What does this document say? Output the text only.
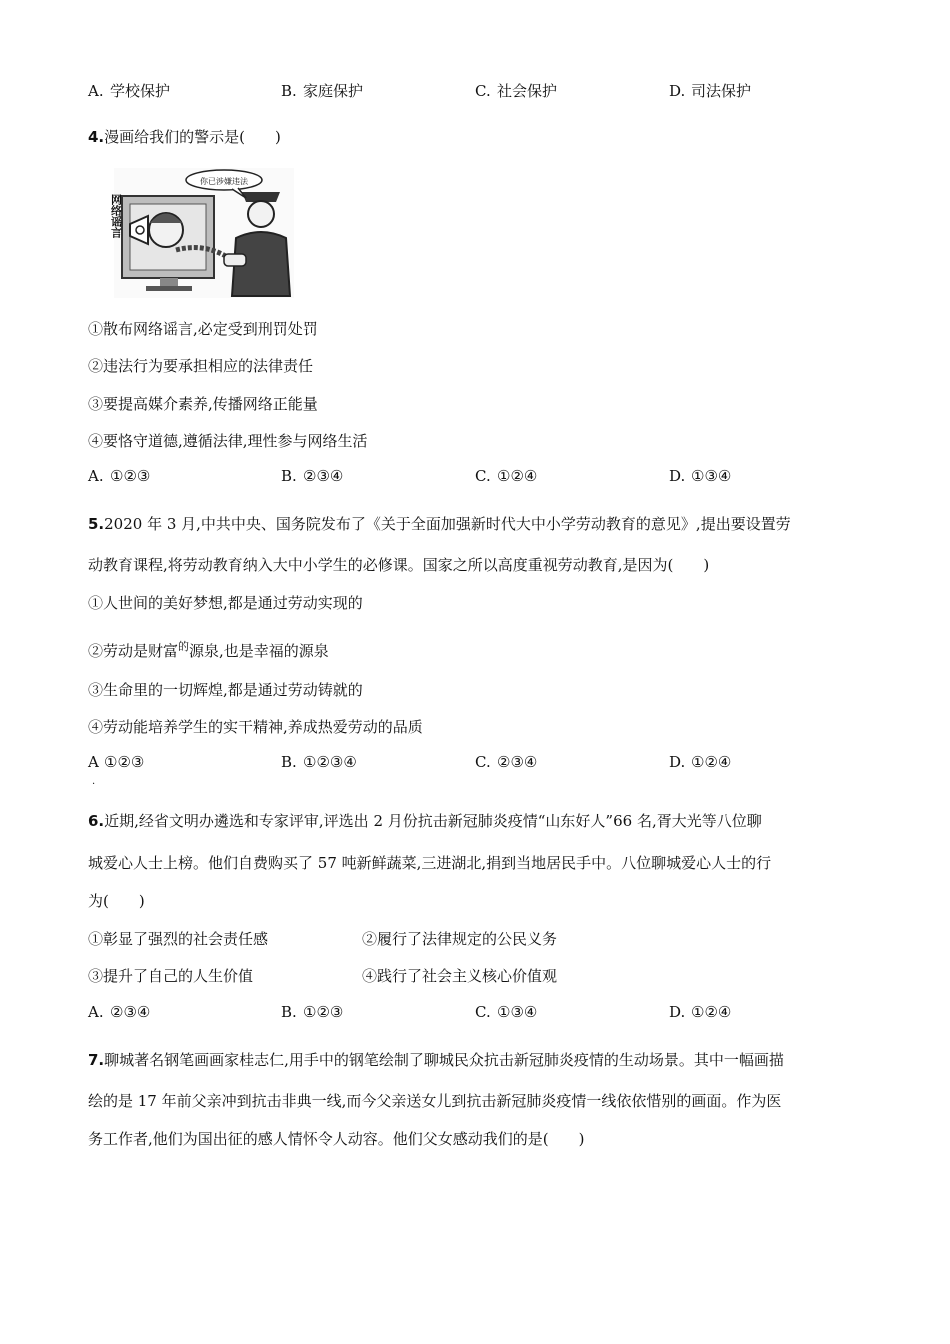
A. 学校保护	B. 家庭保护	C. 社会保护	D. 司法保护
4.漫画给我们的警示是(　　)
你已涉嫌违法
网络谣言
①散布网络谣言,必定受到刑罚处罚
②违法行为要承担相应的法律责任
③要提高媒介素养,传播网络正能量
④要恪守道德,遵循法律,理性参与网络生活
A. ①②③	B. ②③④	C. ①②④	D. ①③④
5.2020 年 3 月,中共中央、国务院发布了《关于全面加强新时代大中小学劳动教育的意见》,提出要设置劳
动教育课程,将劳动教育纳入大中小学生的必修课。国家之所以高度重视劳动教育,是因为(　　)
①人世间的美好梦想,都是通过劳动实现的
②劳动是财富$^的$源泉,也是幸福的源泉
③生命里的一切辉煌,都是通过劳动铸就的
④劳动能培养学生的实干精神,养成热爱劳动的品质
A ①②③	B. ①②③④	C. ②③④	D. ①②④
.
6.近期,经省文明办遴选和专家评审,评选出 2 月份抗击新冠肺炎疫情“山东好人”66 名,胥大光等八位聊
城爱心人士上榜。他们自费购买了 57 吨新鲜蔬菜,三进湖北,捐到当地居民手中。八位聊城爱心人士的行
为(　　)
①彰显了强烈的社会责任感	②履行了法律规定的公民义务
③提升了自己的人生价值	④践行了社会主义核心价值观
A. ②③④	B. ①②③	C. ①③④	D. ①②④
7.聊城著名钢笔画画家桂志仁,用手中的钢笔绘制了聊城民众抗击新冠肺炎疫情的生动场景。其中一幅画描
绘的是 17 年前父亲冲到抗击非典一线,而今父亲送女儿到抗击新冠肺炎疫情一线依依惜别的画面。作为医
务工作者,他们为国出征的感人情怀令人动容。他们父女感动我们的是(　　)
